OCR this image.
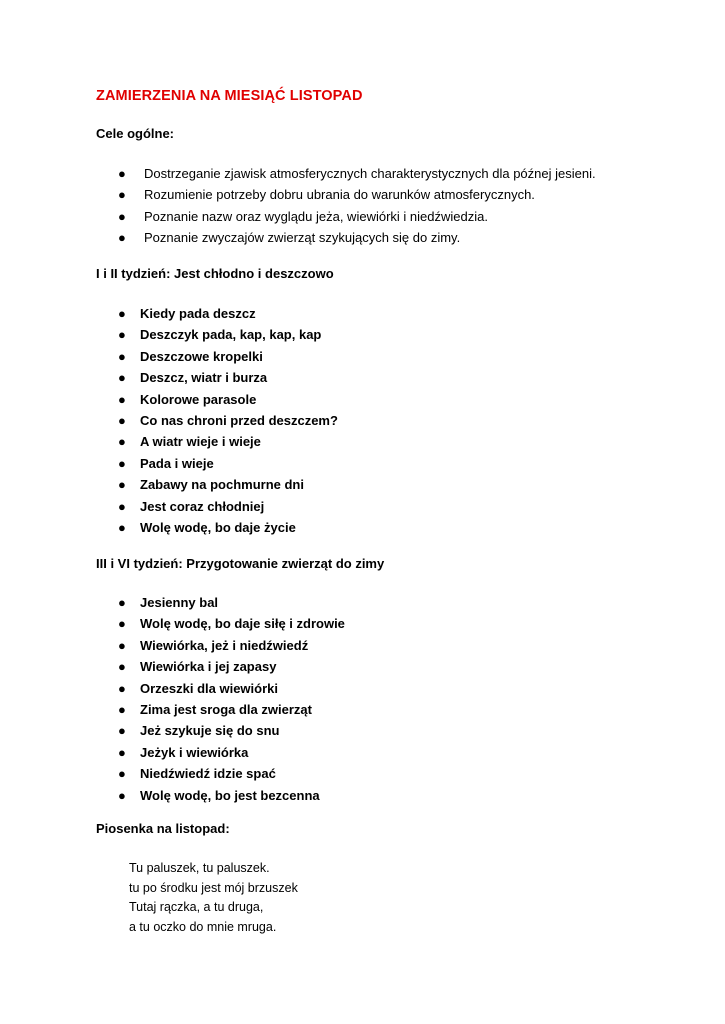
ZAMIERZENIA NA MIESIĄĆ LISTOPAD
Cele ogólne:
● Dostrzeganie zjawisk atmosferycznych charakterystycznych dla późnej jesieni.
● Rozumienie potrzeby dobru ubrania do warunków atmosferycznych.
● Poznanie nazw oraz wyglądu jeża, wiewiórki i niedźwiedzia.
● Poznanie zwyczajów zwierząt szykujących się do zimy.
I i II tydzień: Jest chłodno i deszczowo
● Kiedy pada deszcz
● Deszczyk pada, kap, kap, kap
● Deszczowe kropelki
● Deszcz, wiatr i burza
● Kolorowe parasole
● Co nas chroni przed deszczem?
● A wiatr wieje i wieje
● Pada i wieje
● Zabawy na pochmurne dni
● Jest coraz chłodniej
● Wolę wodę, bo daje życie
III i VI tydzień: Przygotowanie zwierząt do zimy
● Jesienny bal
● Wolę wodę, bo daje siłę i zdrowie
● Wiewiórka, jeż i niedźwiedź
● Wiewiórka i jej zapasy
● Orzeszki dla wiewiórki
● Zima jest sroga dla zwierząt
● Jeż szykuje się do snu
● Jeżyk i wiewiórka
● Niedźwiedź idzie spać
● Wolę wodę, bo jest bezcenna
Piosenka na listopad:
Tu paluszek, tu paluszek.
tu po środku jest mój brzuszek
Tutaj rączka, a tu druga,
a tu oczko do mnie mruga.
